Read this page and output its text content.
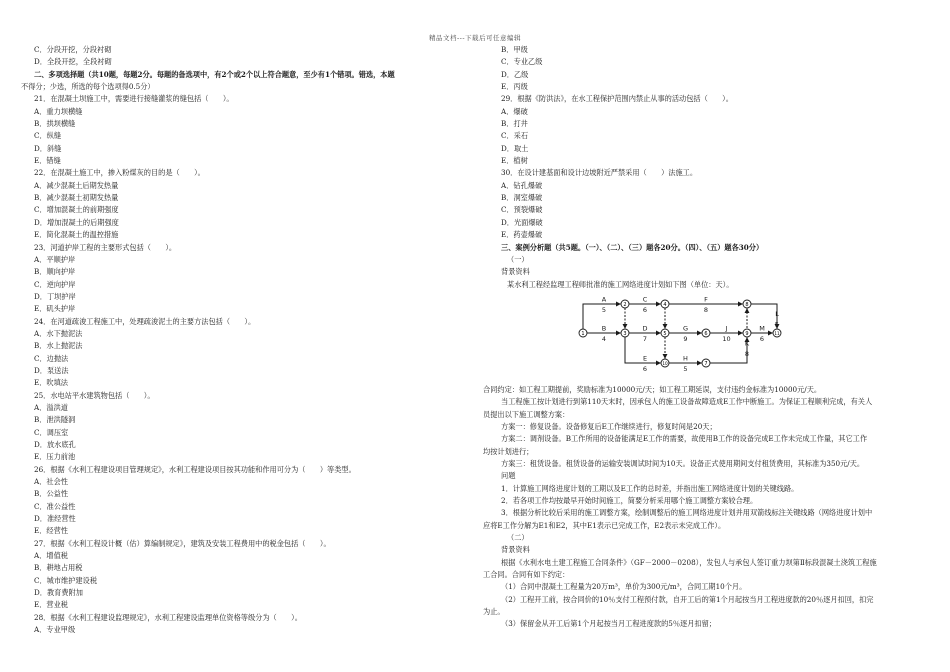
精品文档---下载后可任意编辑
C．分段开挖，分段衬砌
D．全段开挖，全段衬砌
二、多项选择题（共10题，每题2分。每题的备选项中，有2个或2个以上符合题意，至少有1个错项。错选，本题
不得分；少选，所选的每个选项得0.5分）
21．在混凝土坝施工中，需要进行接缝灌浆的缝包括（　　）。
A．重力坝横缝
B．拱坝横缝
C．纵缝
D．斜缝
E．错缝
22．在混凝土施工中，掺入粉煤灰的目的是（　　）。
A．减少混凝土后期发热量
B．减少混凝土初期发热量
C．增加混凝土的前期强度
D．增加混凝土的后期强度
E．简化混凝土的温控措施
23．河道护岸工程的主要形式包括（　　）。
A．平顺护岸
B．顺向护岸
C．逆向护岸
D．丁坝护岸
E．矶头护岸
24．在河道疏浚工程施工中，处理疏浚泥土的主要方法包括（　　）。
A．水下抛泥法
B．水上抛泥法
C．边抛法
D．泵送法
E．吹填法
25．水电站平水建筑物包括（　　）。
A．溢洪道
B．泄洪隧洞
C．调压室
D．放水底孔
E．压力前池
26．根据《水利工程建设项目管理规定》，水利工程建设项目按其功能和作用可分为（　　）等类型。
A．社会性
B．公益性
C．准公益性
D．准经营性
E．经营性
27．根据《水利工程设计概（估）算编制规定》，建筑及安装工程费用中的税金包括（　　）。
A．增值税
B．耕地占用税
C．城市维护建设税
D．教育费附加
E．营业税
28．根据《水利工程建设监理规定》，水利工程建设监理单位资格等级分为（　　）。
A．专业甲级
B．甲级
C．专业乙级
D．乙级
E．丙级
29．根据《防洪法》，在水工程保护范围内禁止从事的活动包括（　　）。
A．爆破
B．打井
C．采石
D．取土
E．植树
30．在设计建基面和设计边坡附近严禁采用（　　）法施工。
A．钻孔爆破
B．洞室爆破
C．预裂爆破
D．光面爆破
E．药壶爆破
三、案例分析题（共5题。（一）、（二）、（三）题各20分。（四）、（五）题各30分）
（一）
背景资料
某水利工程经监理工程师批准的施工网络进度计划如下图（单位：天）。
1
2
3
4
5	6
7
8
9
10
11
A
5
C
6
F
8	L
5
B
4
D
7
G
9
J
10
M
6
E
6
H
5
K
8
合同约定：如工程工期提前，奖励标准为10000元/天；如工程工期延误，支付违约金标准为10000元/天。
当工程施工按计划进行到第110天末时，因承包人的施工设备故障造成E工作中断施工。为保证工程顺利完成，有关人
员提出以下施工调整方案：
方案一：修复设备。设备修复后E工作继续进行，修复时间是20天；
方案二：调剂设备。B工作所用的设备能满足E工作的需要，故使用B工作的设备完成E工作未完成工作量，其它工作
均按计划进行；
方案三：租赁设备。租赁设备的运输安装调试时间为10天。设备正式使用期间支付租赁费用，其标准为350元/天。
问题
1．计算施工网络进度计划的工期以及E工作的总时差，并指出施工网络进度计划的关键线路。
2．若各项工作均按最早开始时间施工，简要分析采用哪个施工调整方案较合理。
3．根据分析比较后采用的施工调整方案，绘制调整后的施工网络进度计划并用双箭线标注关键线路（网络进度计划中
应将E工作分解为E1和E2，其中E1表示已完成工作，E2表示未完成工作）。
（二）
背景资料
根据《水利水电土建工程施工合同条件》（GF－2000－0208），发包人与承包人签订重力坝第Ⅱ标段混凝土浇筑工程施
工合同。合同有如下约定：
（1）合同中混凝土工程量为20万m³，单价为300元/m³，合同工期10个月。
（2）工程开工前，按合同价的10％支付工程预付款，自开工后的第1个月起按当月工程进度款的20％逐月扣回，扣完
为止。
（3）保留金从开工后第1个月起按当月工程进度款的5％逐月扣留；
